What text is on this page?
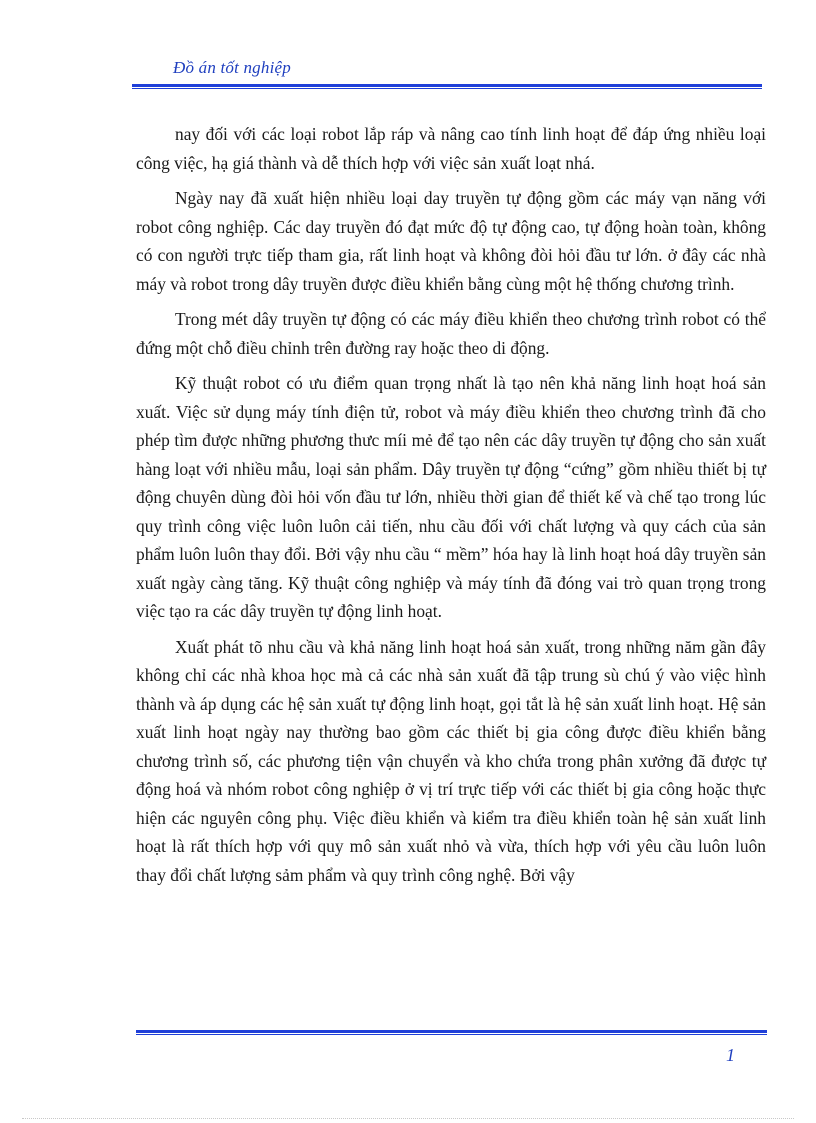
Đồ án tốt nghiệp

nay đối với các loại robot lắp ráp và nâng cao tính linh hoạt để đáp ứng nhiều loại công việc, hạ giá thành và dễ thích hợp với việc sản xuất loạt nhá.

Ngày nay đã xuất hiện nhiều loại day truyền tự động gồm các máy vạn năng với robot công nghiệp. Các day truyền đó đạt mức độ tự động cao, tự động hoàn toàn, không có con người trực tiếp tham gia, rất linh hoạt và không đòi hỏi đầu tư lớn. ở đây các nhà máy và robot trong dây truyền được điều khiển bằng cùng một hệ thống chương trình.

Trong mét dây truyền tự động có các máy điều khiển theo chương trình robot có thể đứng một chỗ điều chỉnh trên đường ray hoặc theo di động.

Kỹ thuật robot có ưu điểm quan trọng nhất là tạo nên khả năng linh hoạt hoá sản xuất. Việc sử dụng máy tính điện tử, robot và máy điều khiển theo chương trình đã cho phép tìm được những phương thưc míi mẻ để tạo nên các dây truyền tự động cho sản xuất hàng loạt với nhiều mẫu, loại sản phẩm. Dây truyền tự động “cứng” gồm nhiều thiết bị tự động chuyên dùng đòi hỏi vốn đầu tư lớn, nhiều thời gian để thiết kế và chế tạo trong lúc quy trình công việc luôn luôn cải tiến, nhu cầu đối với chất lượng và quy cách của sản phẩm luôn luôn thay đổi. Bởi vậy nhu cầu “ mềm” hóa hay là linh hoạt hoá dây truyền sản xuất ngày càng tăng. Kỹ thuật công nghiệp và máy tính đã đóng vai trò quan trọng trong việc tạo ra các dây truyền tự động linh hoạt.

Xuất phát tõ nhu cầu và khả năng linh hoạt hoá sản xuất, trong những năm gần đây không chỉ các nhà khoa học mà cả các nhà sản xuất đã tập trung sù chú ý vào việc hình thành và áp dụng các hệ sản xuất tự động linh hoạt, gọi tắt là hệ sản xuất linh hoạt. Hệ sản xuất linh hoạt ngày nay thường bao gồm các thiết bị gia công được điều khiển bằng chương trình số, các phương tiện vận chuyển và kho chứa trong phân xưởng đã được tự động hoá và nhóm robot công nghiệp ở vị trí trực tiếp với các thiết bị gia công hoặc thực hiện các nguyên công phụ. Việc điều khiển và kiểm tra điều khiển toàn hệ sản xuất linh hoạt là rất thích hợp với quy mô sản xuất nhỏ và vừa, thích hợp với yêu cầu luôn luôn thay đổi chất lượng sảm phẩm và quy trình công nghệ. Bởi vậy

1
